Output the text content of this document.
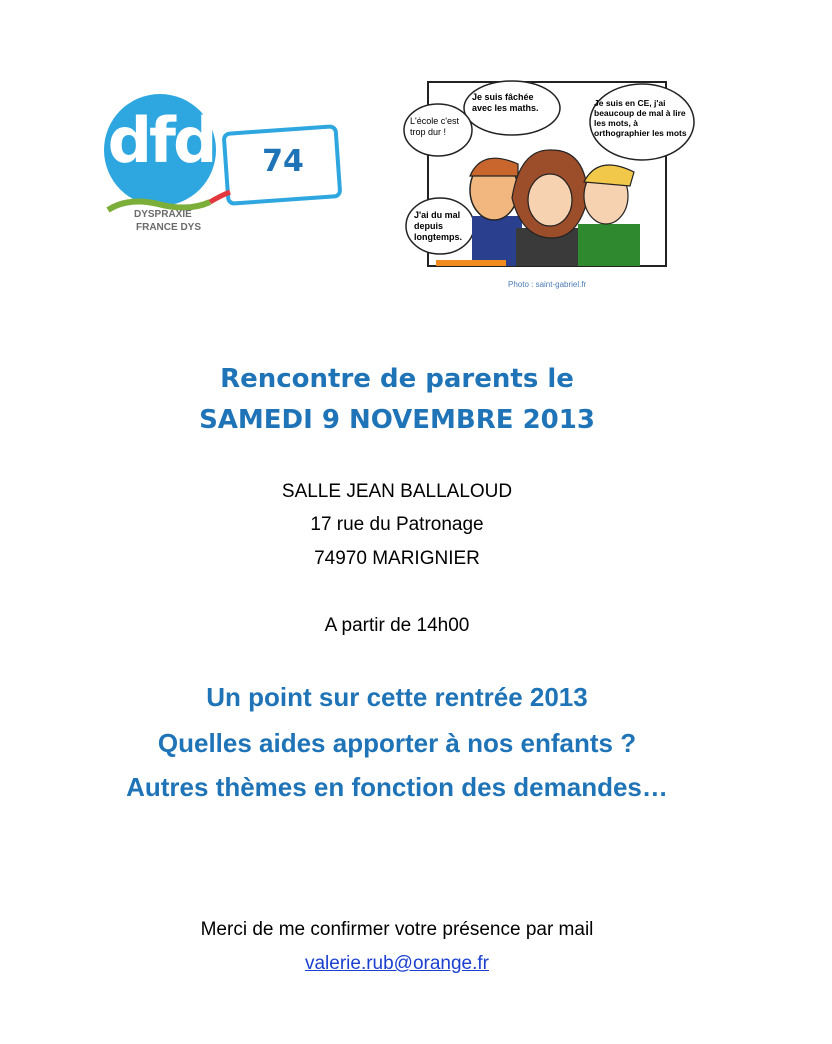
dfd	74
DYSPRAXIE
FRANCE DYS
Je suis fâchée avec les maths.
L'école c'est trop dur !
Je suis en CE, j'ai beaucoup de mal à lire les mots, à orthographier les mots
J'ai du mal depuis longtemps.
Photo : saint-gabriel.fr
Rencontre de parents le
SAMEDI 9 NOVEMBRE 2013
SALLE JEAN BALLALOUD
17 rue du Patronage
74970 MARIGNIER
A partir de 14h00
Un point sur cette rentrée 2013
Quelles aides apporter à nos enfants ?
Autres thèmes en fonction des demandes…
Merci de me confirmer votre présence par mail
valerie.rub@orange.fr
